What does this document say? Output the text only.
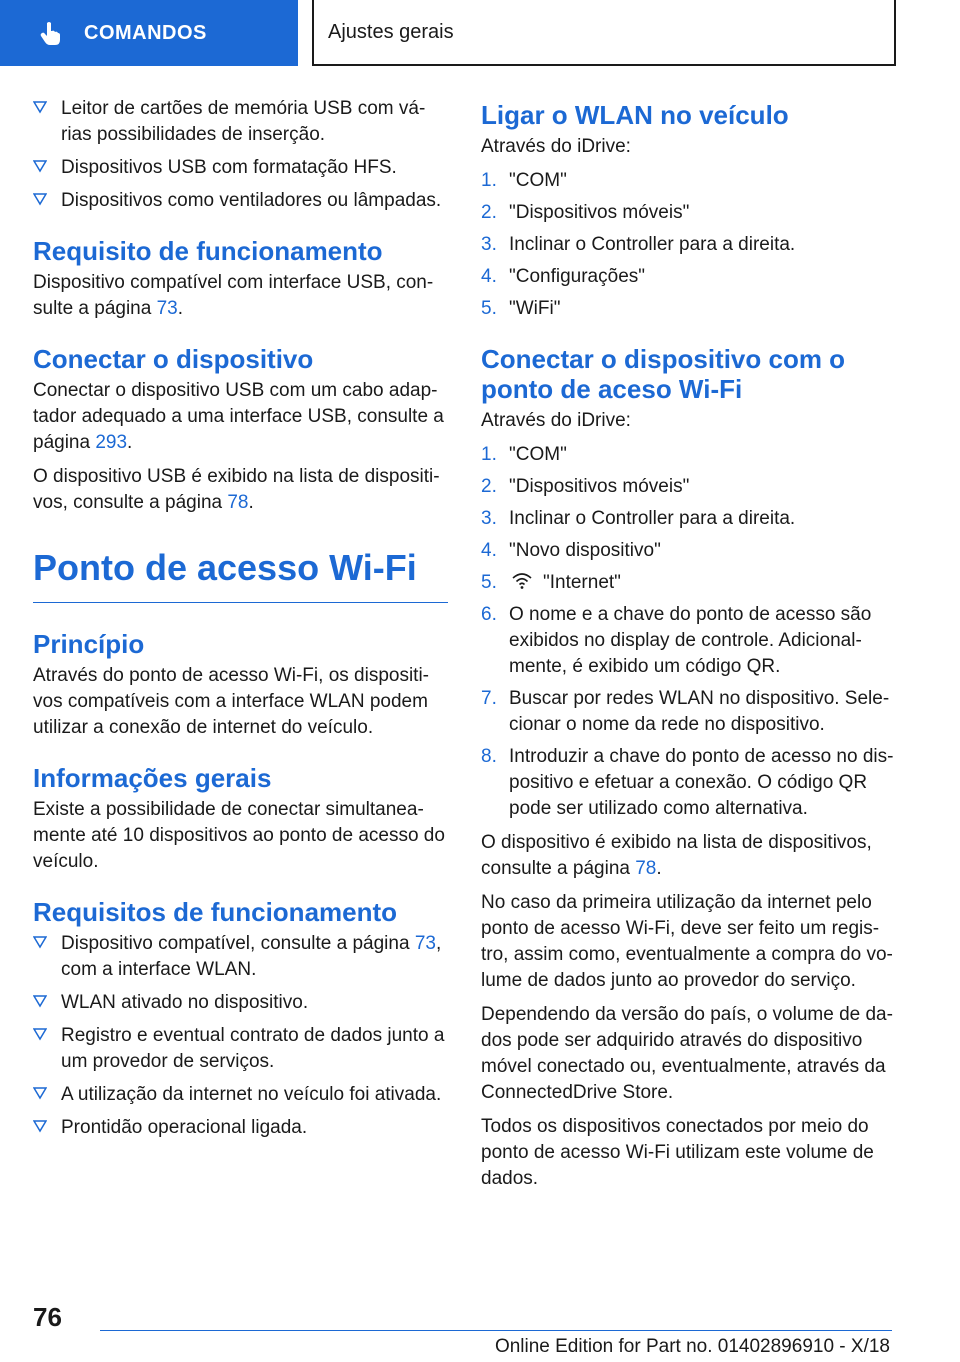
COMANDOS	Ajustes gerais
Leitor de cartões de memória USB com vá-rias possibilidades de inserção.
Dispositivos USB com formatação HFS.
Dispositivos como ventiladores ou lâmpadas.
Requisito de funcionamento

Dispositivo compatível com interface USB, con-sulte a página 73.

Conectar o dispositivo

Conectar o dispositivo USB com um cabo adap-tador adequado a uma interface USB, consulte a página 293.

O dispositivo USB é exibido na lista de dispositi-vos, consulte a página 78.

Ponto de acesso Wi-Fi
Princípio

Através do ponto de acesso Wi-Fi, os dispositi-vos compatíveis com a interface WLAN podem utilizar a conexão de internet do veículo.

Informações gerais

Existe a possibilidade de conectar simultanea-mente até 10 dispositivos ao ponto de acesso do veículo.

Requisitos de funcionamento
Dispositivo compatível, consulte a página 73, com a interface WLAN.
WLAN ativado no dispositivo.
Registro e eventual contrato de dados junto a um provedor de serviços.
A utilização da internet no veículo foi ativada.
Prontidão operacional ligada.
Ligar o WLAN no veículo

Através do iDrive:

1. "COM"
2. "Dispositivos móveis"
3. Inclinar o Controller para a direita.
4. "Configurações"
5. "WiFi"
Conectar o dispositivo com o ponto de aceso Wi-Fi

Através do iDrive:

1. "COM"
2. "Dispositivos móveis"
3. Inclinar o Controller para a direita.
4. "Novo dispositivo"
5. "Internet"
6. O nome e a chave do ponto de acesso são exibidos no display de controle. Adicional-mente, é exibido um código QR.
7. Buscar por redes WLAN no dispositivo. Sele-cionar o nome da rede no dispositivo.
8. Introduzir a chave do ponto de acesso no dis-positivo e efetuar a conexão. O código QR pode ser utilizado como alternativa.

O dispositivo é exibido na lista de dispositivos, consulte a página 78.

No caso da primeira utilização da internet pelo ponto de acesso Wi-Fi, deve ser feito um regis-tro, assim como, eventualmente a compra do vo-lume de dados junto ao provedor do serviço.

Dependendo da versão do país, o volume de da-dos pode ser adquirido através do dispositivo móvel conectado ou, eventualmente, através da ConnectedDrive Store.

Todos os dispositivos conectados por meio do ponto de acesso Wi-Fi utilizam este volume de dados.

76
Online Edition for Part no. 01402896910 - X/18
